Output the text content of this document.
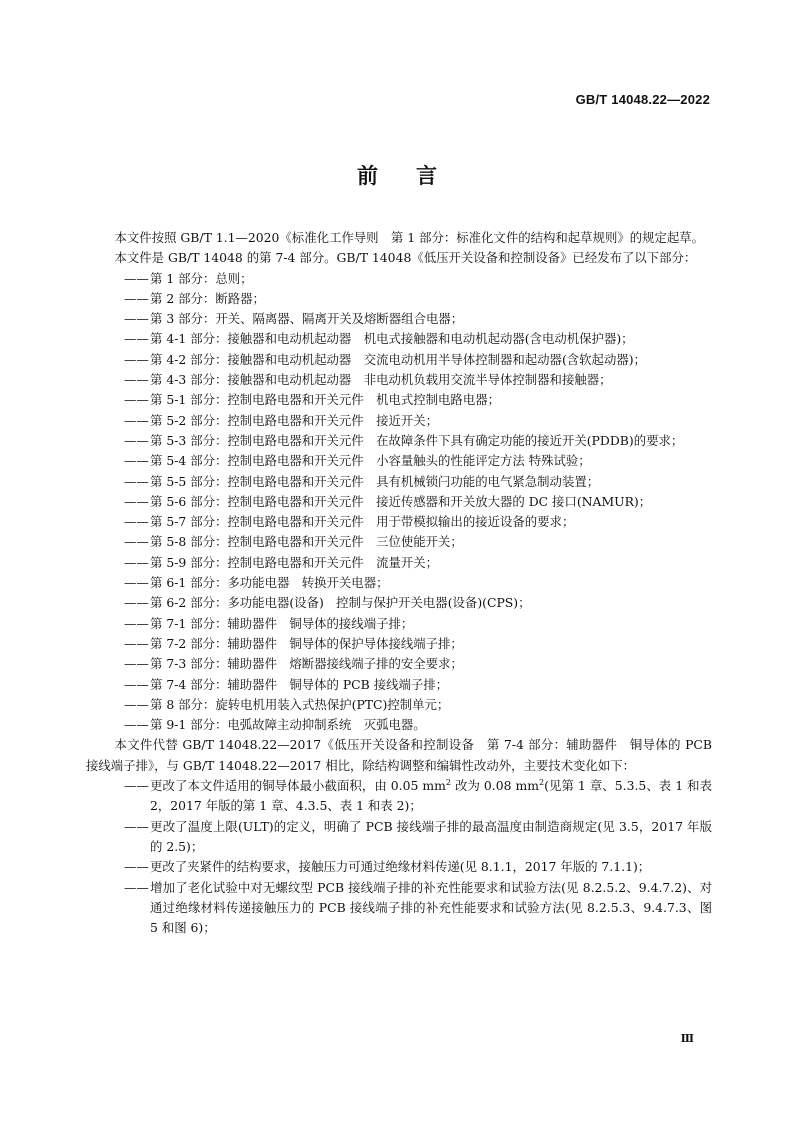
GB/T 14048.22—2022
前 言
本文件按照 GB/T 1.1—2020《标准化工作导则　第 1 部分：标准化文件的结构和起草规则》的规定起草。
本文件是 GB/T 14048 的第 7-4 部分。GB/T 14048《低压开关设备和控制设备》已经发布了以下部分：
——第 1 部分：总则；
——第 2 部分：断路器；
——第 3 部分：开关、隔离器、隔离开关及熔断器组合电器；
——第 4-1 部分：接触器和电动机起动器　机电式接触器和电动机起动器(含电动机保护器)；
——第 4-2 部分：接触器和电动机起动器　交流电动机用半导体控制器和起动器(含软起动器)；
——第 4-3 部分：接触器和电动机起动器　非电动机负载用交流半导体控制器和接触器；
——第 5-1 部分：控制电路电器和开关元件　机电式控制电路电器；
——第 5-2 部分：控制电路电器和开关元件　接近开关；
——第 5-3 部分：控制电路电器和开关元件　在故障条件下具有确定功能的接近开关(PDDB)的要求；
——第 5-4 部分：控制电路电器和开关元件　小容量触头的性能评定方法 特殊试验；
——第 5-5 部分：控制电路电器和开关元件　具有机械锁闩功能的电气紧急制动装置；
——第 5-6 部分：控制电路电器和开关元件　接近传感器和开关放大器的 DC 接口(NAMUR)；
——第 5-7 部分：控制电路电器和开关元件　用于带模拟输出的接近设备的要求；
——第 5-8 部分：控制电路电器和开关元件　三位使能开关；
——第 5-9 部分：控制电路电器和开关元件　流量开关；
——第 6-1 部分：多功能电器　转换开关电器；
——第 6-2 部分：多功能电器(设备)　控制与保护开关电器(设备)(CPS)；
——第 7-1 部分：辅助器件　铜导体的接线端子排；
——第 7-2 部分：辅助器件　铜导体的保护导体接线端子排；
——第 7-3 部分：辅助器件　熔断器接线端子排的安全要求；
——第 7-4 部分：辅助器件　铜导体的 PCB 接线端子排；
——第 8 部分：旋转电机用装入式热保护(PTC)控制单元；
——第 9-1 部分：电弧故障主动抑制系统　灭弧电器。
本文件代替 GB/T 14048.22—2017《低压开关设备和控制设备　第 7-4 部分：辅助器件　铜导体的 PCB 接线端子排》，与 GB/T 14048.22—2017 相比，除结构调整和编辑性改动外，主要技术变化如下：
——更改了本文件适用的铜导体最小截面积，由 0.05 $mm^2$ 改为 0.08 $mm^2$(见第 1 章、5.3.5、表 1 和表 2，2017 年版的第 1 章、4.3.5、表 1 和表 2)；
——更改了温度上限(ULT)的定义，明确了 PCB 接线端子排的最高温度由制造商规定(见 3.5，2017 年版的 2.5)；
——更改了夹紧件的结构要求，接触压力可通过绝缘材料传递(见 8.1.1，2017 年版的 7.1.1)；
——增加了老化试验中对无螺纹型 PCB 接线端子排的补充性能要求和试验方法(见 8.2.5.2、9.4.7.2)、对通过绝缘材料传递接触压力的 PCB 接线端子排的补充性能要求和试验方法(见 8.2.5.3、9.4.7.3、图 5 和图 6)；
Ⅲ
